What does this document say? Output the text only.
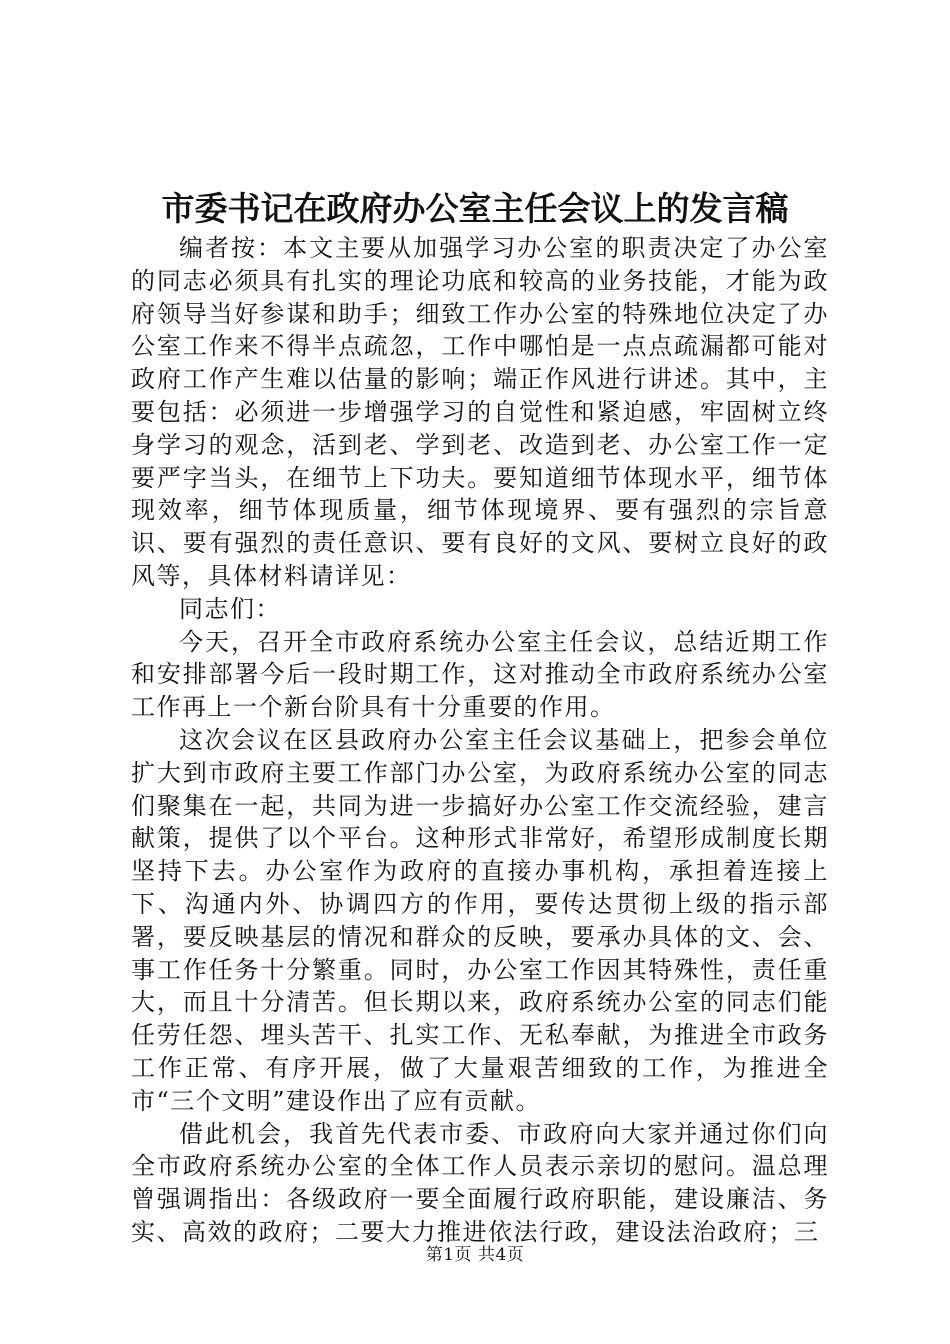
市委书记在政府办公室主任会议上的发言稿

编者按：本文主要从加强学习办公室的职责决定了办公室的同志必须具有扎实的理论功底和较高的业务技能，才能为政府领导当好参谋和助手；细致工作办公室的特殊地位决定了办公室工作来不得半点疏忽，工作中哪怕是一点点疏漏都可能对政府工作产生难以估量的影响；端正作风进行讲述。其中，主要包括：必须进一步增强学习的自觉性和紧迫感，牢固树立终身学习的观念，活到老、学到老、改造到老、办公室工作一定要严字当头，在细节上下功夫。要知道细节体现水平，细节体现效率，细节体现质量，细节体现境界、要有强烈的宗旨意识、要有强烈的责任意识、要有良好的文风、要树立良好的政风等，具体材料请详见：

同志们：

今天，召开全市政府系统办公室主任会议，总结近期工作和安排部署今后一段时期工作，这对推动全市政府系统办公室工作再上一个新台阶具有十分重要的作用。

这次会议在区县政府办公室主任会议基础上，把参会单位扩大到市政府主要工作部门办公室，为政府系统办公室的同志们聚集在一起，共同为进一步搞好办公室工作交流经验，建言献策，提供了以个平台。这种形式非常好，希望形成制度长期坚持下去。办公室作为政府的直接办事机构，承担着连接上下、沟通内外、协调四方的作用，要传达贯彻上级的指示部署，要反映基层的情况和群众的反映，要承办具体的文、会、事工作任务十分繁重。同时，办公室工作因其特殊性，责任重大，而且十分清苦。但长期以来，政府系统办公室的同志们能任劳任怨、埋头苦干、扎实工作、无私奉献，为推进全市政务工作正常、有序开展，做了大量艰苦细致的工作，为推进全市“三个文明”建设作出了应有贡献。

借此机会，我首先代表市委、市政府向大家并通过你们向全市政府系统办公室的全体工作人员表示亲切的慰问。温总理曾强调指出：各级政府一要全面履行政府职能，建设廉洁、务实、高效的政府；二要大力推进依法行政，建设法治政府；三

第1页 共4页
